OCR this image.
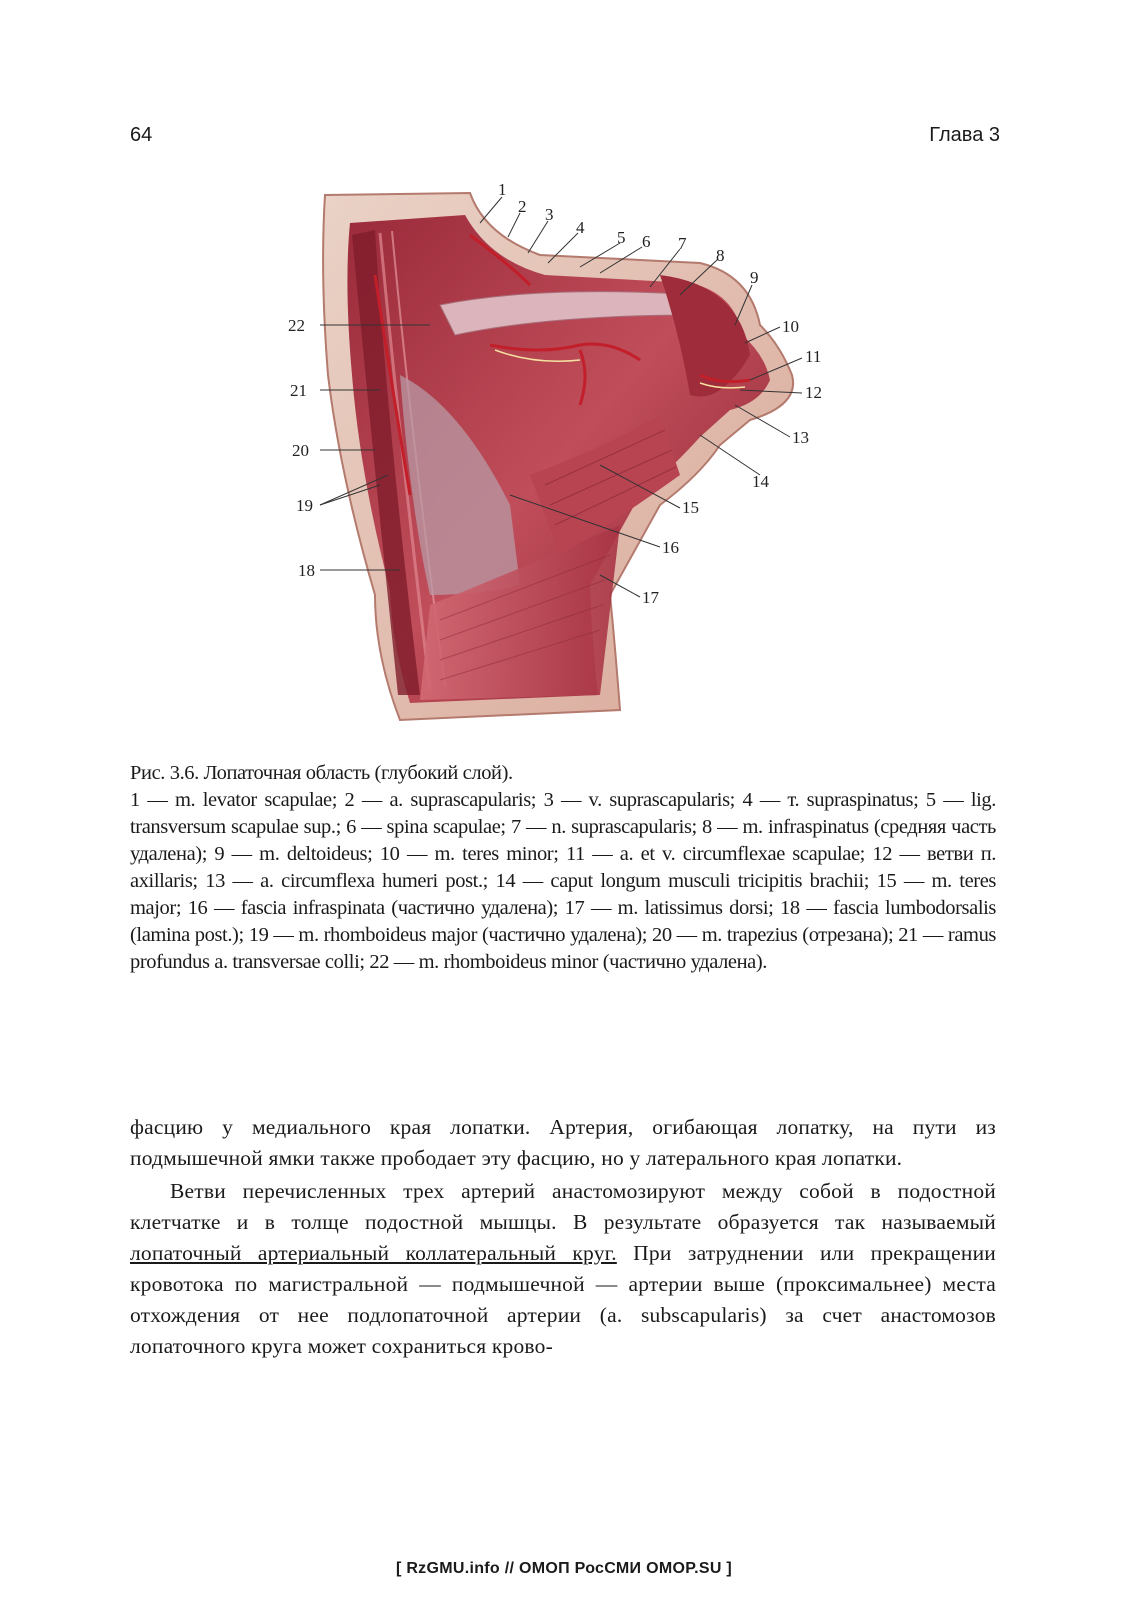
64	Глава 3
1
2 3
4
5 6 7
8
9
10
11
12
13
14
15
16
17
18
19
20
21
22
Рис. 3.6. Лопаточная область (глубокий слой).
1 — m. levator scapulae; 2 — a. suprascapularis; 3 — v. suprascapularis; 4 — т. supraspinatus; 5 — lig. transversum scapulae sup.; 6 — spina scapulae; 7 — n. suprascapularis; 8 — m. infraspinatus (средняя часть удалена); 9 — m. deltoideus; 10 — m. teres minor; 11 — a. et v. circumflexae scapulae; 12 — ветви п. axillaris; 13 — a. circumflexa humeri post.; 14 — caput longum musculi tricipitis brachii; 15 — m. teres major; 16 — fascia infraspinata (частично удалена); 17 — m. latissimus dorsi; 18 — fascia lumbodorsalis (lamina post.); 19 — m. rhomboideus major (частично удалена); 20 — m. trapezius (отрезана); 21 — ramus profundus a. transversae colli; 22 — m. rhomboideus minor (частично удалена).

фасцию у медиального края лопатки. Артерия, огибающая лопатку, на пути из подмышечной ямки также прободает эту фасцию, но у латерального края лопатки.

Ветви перечисленных трех артерий анастомозируют между собой в подостной клетчатке и в толще подостной мышцы. В результате образуется так называемый лопаточный артериальный коллатеральный круг. При затруднении или прекращении кровотока по магистральной — подмышечной — артерии выше (проксимальнее) места отхождения от нее подлопаточной артерии (a. subscapularis) за счет анастомозов лопаточного круга может сохраниться крово-

[ RzGMU.info // ОМОП РосСМИ OMOP.SU ]
